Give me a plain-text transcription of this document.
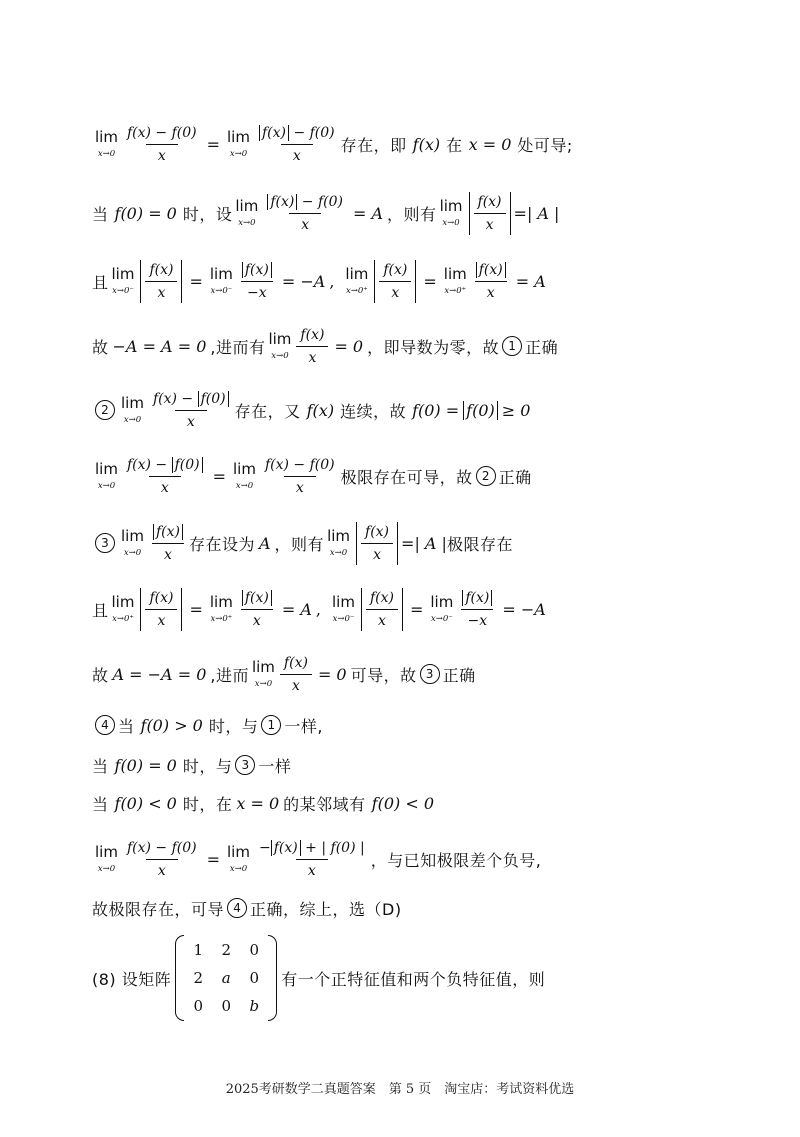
lim
$x\to 0 \frac{f(x) - f(0)}{x} = \lim$
$x\to 0 \frac{f(x) - f(0)}{x}$ 存在，即 f(x) 在 x = 0 处可导;
当 f(0) = 0 时，设 lim
$x\to 0 \frac{f(x) - f(0)}{x} = A$ ，则有 lim
$x\to 0 \frac{f(x)}{x}$ =| A |
且 lim
$x\to 0^- \frac{f(x)}{x} = \lim$
$x\to 0^- \frac{f(x)}{-x} = -A$ , lim
$x\to 0^+ \frac{f(x)}{x} = \lim$
$x\to 0^+ \frac{f(x)}{x} = A$
故 −A = A = 0 ,进而有 lim
$x\to 0 \frac{f(x)}{x} = 0$ ，即导数为零，故 1 正确
2 lim
$x\to 0 \frac{f(x) - f(0)}{x}$ 存在，又 f(x) 连续，故 f(0) = f(0) ≥ 0
lim
$x\to 0 \frac{f(x) - f(0)}{x} = \lim$
$x\to 0 \frac{f(x) - f(0)}{x}$ 极限存在可导，故 2 正确
3 lim
$x\to 0 \frac{f(x)}{x}$ 存在设为 A ，则有 lim
$x\to 0 \frac{f(x)}{x}$ =| A | 极限存在
且 lim
$x\to 0^+ \frac{f(x)}{x} = \lim$
$x\to 0^+ \frac{f(x)}{x} = A$ , lim
$x\to 0^- \frac{f(x)}{x} = \lim$
$x\to 0^- \frac{f(x)}{-x} = -A$
故 A = −A = 0 ,进而 lim
$x\to 0 \frac{f(x)}{x} = 0$ 可导，故 3 正确
4 当 f(0) > 0 时，与 1 一样,
当 f(0) = 0 时，与 3 一样
当 f(0) < 0 时，在 x = 0 的某邻域有 f(0) < 0
lim
$x\to 0 \frac{f(x) - f(0)}{x} = \lim$
$x\to 0 \frac{- f(x) + | f(0) |}{x}$ ，与已知极限差个负号,
故极限存在，可导 4 正确，综上，选（D)
(8) 设矩阵
1 2 0
2 a 0
0 0 b
有一个正特征值和两个负特征值，则
2025考研数学二真题答案　第 5 页　淘宝店：考试资料优选
